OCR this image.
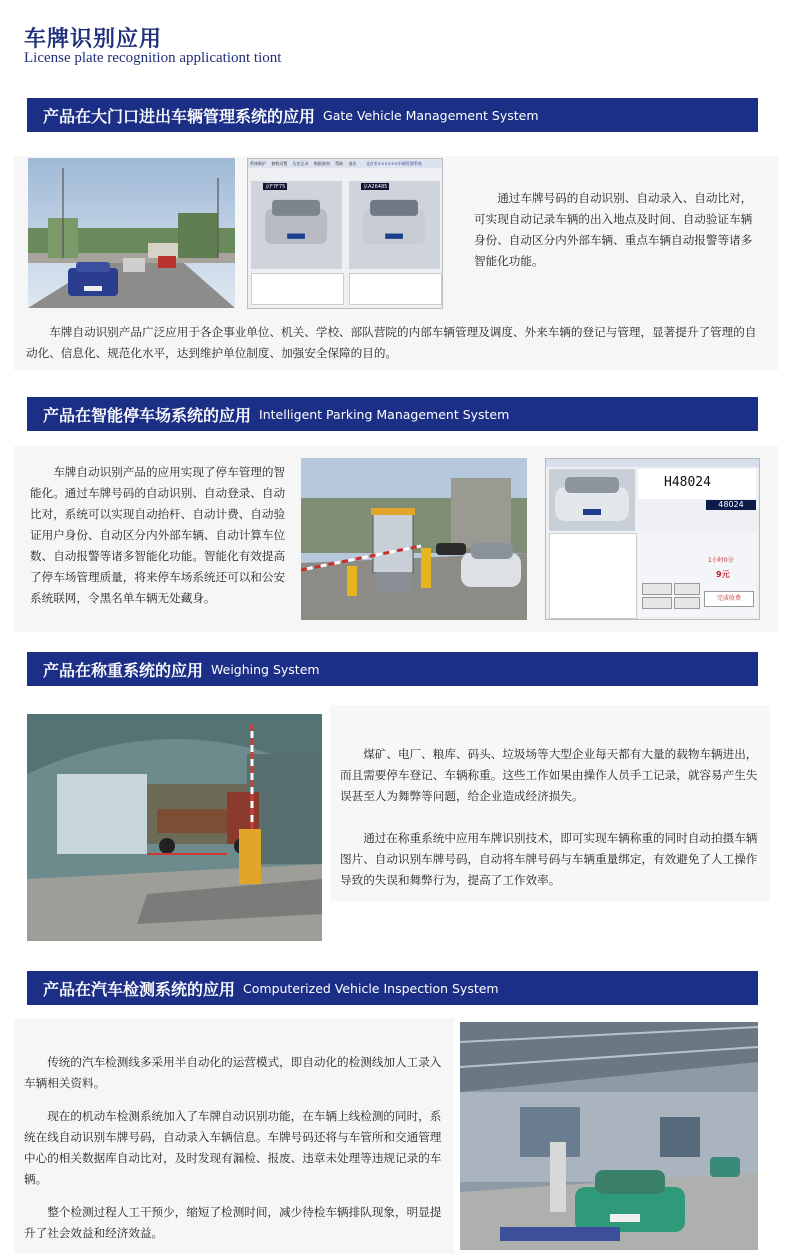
车牌识别应用
License plate recognition applicationt tiont
产品在大门口进出车辆管理系统的应用 Gate Vehicle Management System
系统维护 参数设置 历史记录 数据查询 帮助 退出 北京市××××××车辆管理系统
京F7F75	京A26485

通过车牌号码的自动识别、自动录入、自动比对，可实现自动记录车辆的出入地点及时间、自动验证车辆身份、自动区分内外部车辆、重点车辆自动报警等诸多智能化功能。

车牌自动识别产品广泛应用于各企事业单位、机关、学校、部队营院的内部车辆管理及调度、外来车辆的登记与管理，显著提升了管理的自动化、信息化、规范化水平，达到维护单位制度、加强安全保障的目的。

产品在智能停车场系统的应用 Intelligent Parking Management System

车牌自动识别产品的应用实现了停车管理的智能化。通过车牌号码的自动识别、自动登录、自动比对，系统可以实现自动抬杆、自动计费、自动验证用户身份、自动区分内外部车辆、自动计算车位数、自动报警等诸多智能化功能。智能化有效提高了停车场管理质量，将来停车场系统还可以和公安系统联网，令黑名单车辆无处藏身。

H48024
48024
1小时0分
9元
完成收费
产品在称重系统的应用 Weighing System

煤矿、电厂、粮库、码头、垃圾场等大型企业每天都有大量的载物车辆进出，而且需要停车登记、车辆称重。这些工作如果由操作人员手工记录，就容易产生失误甚至人为舞弊等问题，给企业造成经济损失。

通过在称重系统中应用车牌识别技术，即可实现车辆称重的同时自动拍摄车辆图片、自动识别车牌号码，自动将车牌号码与车辆重量绑定，有效避免了人工操作导致的失误和舞弊行为，提高了工作效率。

产品在汽车检测系统的应用 Computerized Vehicle Inspection System

传统的汽车检测线多采用半自动化的运营模式，即自动化的检测线加人工录入车辆相关资料。

现在的机动车检测系统加入了车牌自动识别功能，在车辆上线检测的同时，系统在线自动识别车牌号码，自动录入车辆信息。车牌号码还将与车管所和交通管理中心的相关数据库自动比对，及时发现有漏检、报废、违章未处理等违规记录的车辆。

整个检测过程人工干预少，缩短了检测时间，减少待检车辆排队现象，明显提升了社会效益和经济效益。
